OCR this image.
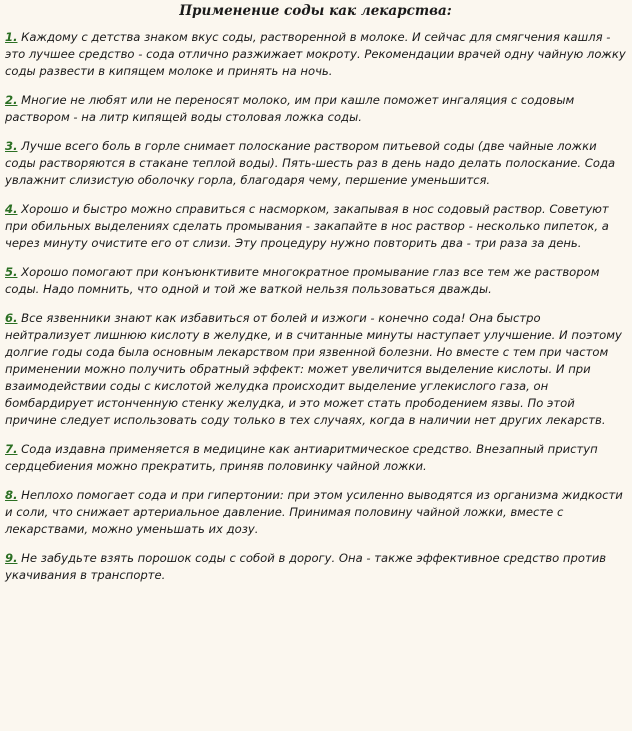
Применение соды как лекарства:

1. Каждому с детства знаком вкус соды, растворенной в молоке. И сейчас для смягчения кашля - это лучшее средство - сода отлично разжижает мокроту. Рекомендации врачей одну чайную ложку соды развести в кипящем молоке и принять на ночь.

2. Многие не любят или не переносят молоко, им при кашле поможет ингаляция с содовым раствором - на литр кипящей воды столовая ложка соды.

3. Лучше всего боль в горле снимает полоскание раствором питьевой соды (две чайные ложки соды растворяются в стакане теплой воды). Пять-шесть раз в день надо делать полоскание. Сода увлажнит слизистую оболочку горла, благодаря чему, першение уменьшится.

4. Хорошо и быстро можно справиться с насморком, закапывая в нос содовый раствор. Советуют при обильных выделениях сделать промывания - закапайте в нос раствор - несколько пипеток, а через минуту очистите его от слизи. Эту процедуру нужно повторить два - три раза за день.

5. Хорошо помогают при конъюнктивите многократное промывание глаз все тем же раствором соды. Надо помнить, что одной и той же ваткой нельзя пользоваться дважды.

6. Все язвенники знают как избавиться от болей и изжоги - конечно сода! Она быстро нейтрализует лишнюю кислоту в желудке, и в считанные минуты наступает улучшение. И поэтому долгие годы сода была основным лекарством при язвенной болезни. Но вместе с тем при частом применении можно получить обратный эффект: может увеличится выделение кислоты. И при взаимодействии соды с кислотой желудка происходит выделение углекислого газа, он бомбардирует истонченную стенку желудка, и это может стать прободением язвы. По этой причине следует использовать соду только в тех случаях, когда в наличии нет других лекарств.

7. Сода издавна применяется в медицине как антиаритмическое средство. Внезапный приступ сердцебиения можно прекратить, приняв половинку чайной ложки.

8. Неплохо помогает сода и при гипертонии: при этом усиленно выводятся из организма жидкости и соли, что снижает артериальное давление. Принимая половину чайной ложки, вместе с лекарствами, можно уменьшать их дозу.

9. Не забудьте взять порошок соды с собой в дорогу. Она - также эффективное средство против укачивания в транспорте.
